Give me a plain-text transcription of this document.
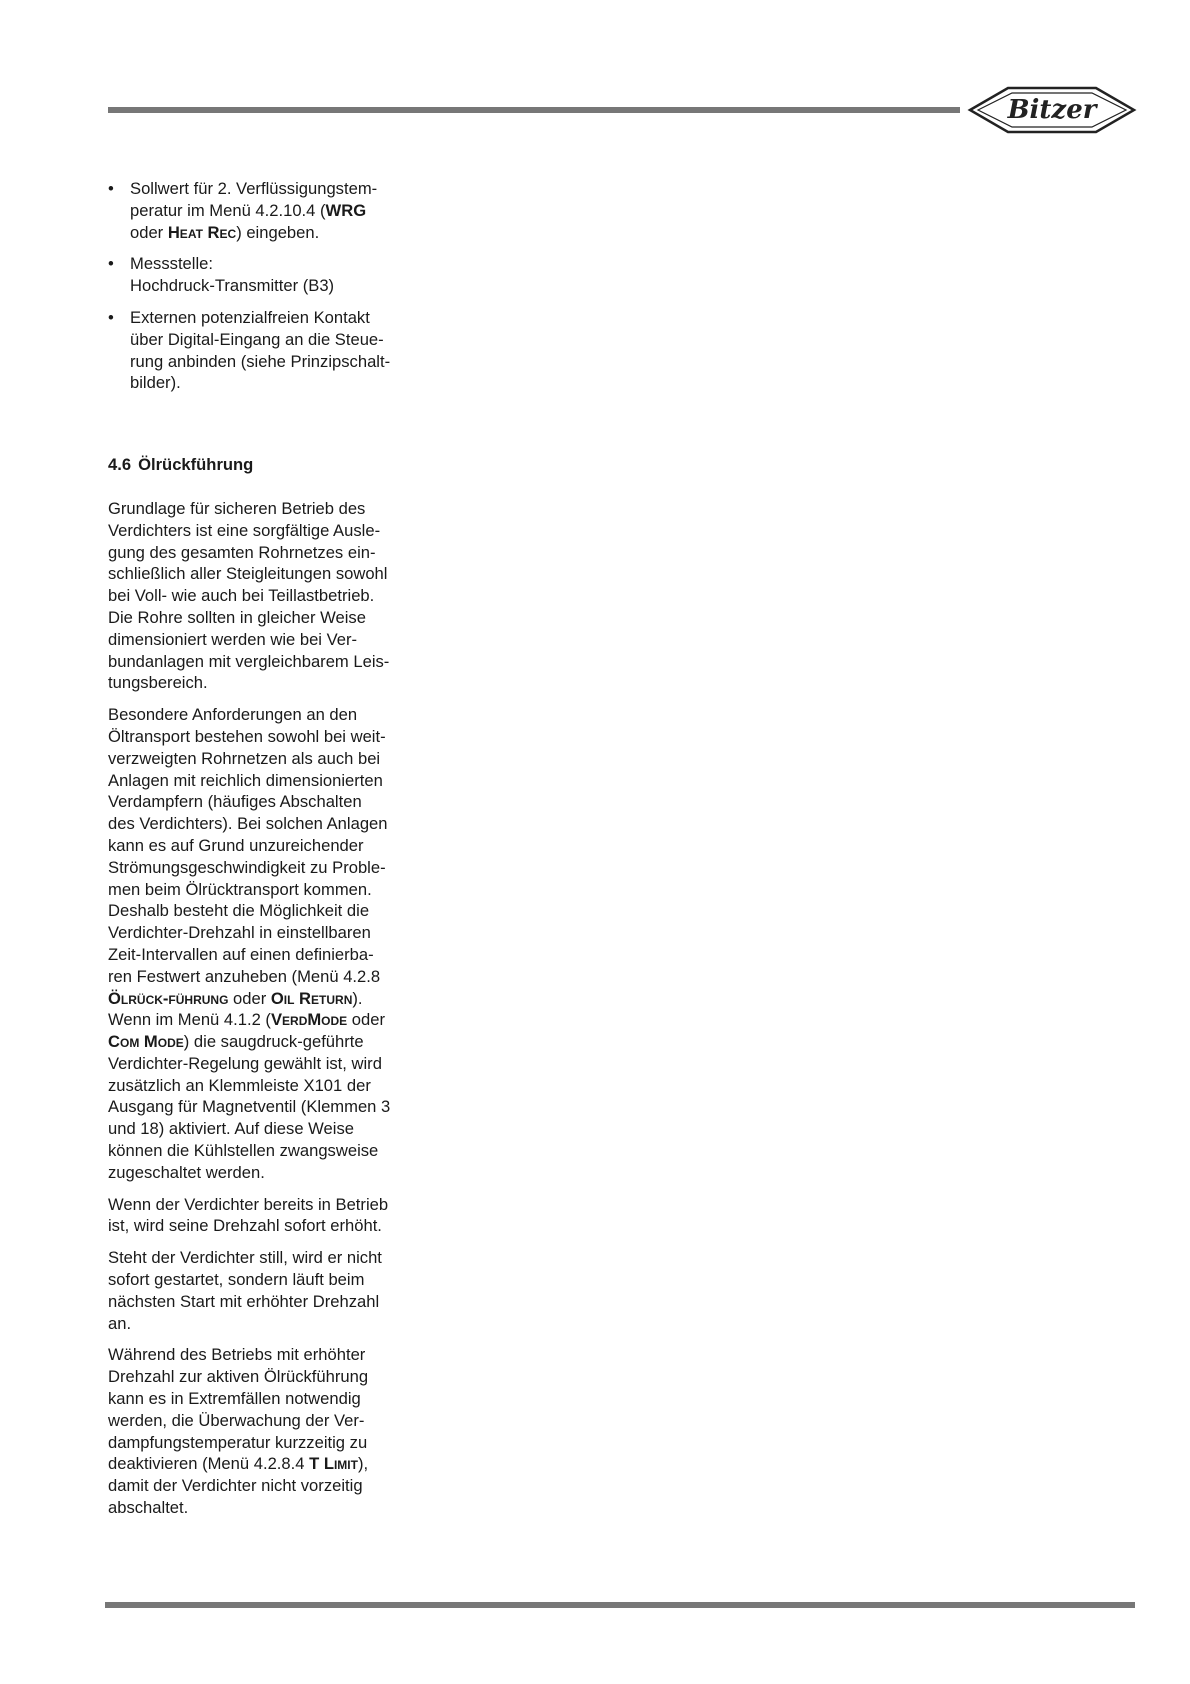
Bitzer
• Sollwert für 2. Verflüssigungstem-
peratur im Menü 4.2.10.4 (WRG
oder Heat Rec) eingeben.
• Messstelle:
Hochdruck-Transmitter (B3)
• Externen potenzialfreien Kontakt
über Digital-Eingang an die Steue-
rung anbinden (siehe Prinzipschalt-
bilder).
4.6 Ölrückführung
Grundlage für sicheren Betrieb des
Verdichters ist eine sorgfältige Ausle-
gung des gesamten Rohrnetzes ein-
schließlich aller Steigleitungen sowohl
bei Voll- wie auch bei Teillastbetrieb.
Die Rohre sollten in gleicher Weise
dimensioniert werden wie bei Ver-
bundanlagen mit vergleichbarem Leis-
tungsbereich.
Besondere Anforderungen an den
Öltransport bestehen sowohl bei weit-
verzweigten Rohrnetzen als auch bei
Anlagen mit reichlich dimensionierten
Verdampfern (häufiges Abschalten
des Verdichters). Bei solchen Anlagen
kann es auf Grund unzureichender
Strömungsgeschwindigkeit zu Proble-
men beim Ölrücktransport kommen.
Deshalb besteht die Möglichkeit die
Verdichter-Drehzahl in einstellbaren
Zeit-Intervallen auf einen definierba-
ren Festwert anzuheben (Menü 4.2.8
Ölrück-führung oder Oil Return).
Wenn im Menü 4.1.2 (VerdMode oder
Com Mode) die saugdruck-geführte
Verdichter-Regelung gewählt ist, wird
zusätzlich an Klemmleiste X101 der
Ausgang für Magnetventil (Klemmen 3
und 18) aktiviert. Auf diese Weise
können die Kühlstellen zwangsweise
zugeschaltet werden.
Wenn der Verdichter bereits in Betrieb
ist, wird seine Drehzahl sofort erhöht.
Steht der Verdichter still, wird er nicht
sofort gestartet, sondern läuft beim
nächsten Start mit erhöhter Drehzahl
an.
Während des Betriebs mit erhöhter
Drehzahl zur aktiven Ölrückführung
kann es in Extremfällen notwendig
werden, die Überwachung der Ver-
dampfungstemperatur kurzzeitig zu
deaktivieren (Menü 4.2.8.4 T Limit),
damit der Verdichter nicht vorzeitig
abschaltet.
